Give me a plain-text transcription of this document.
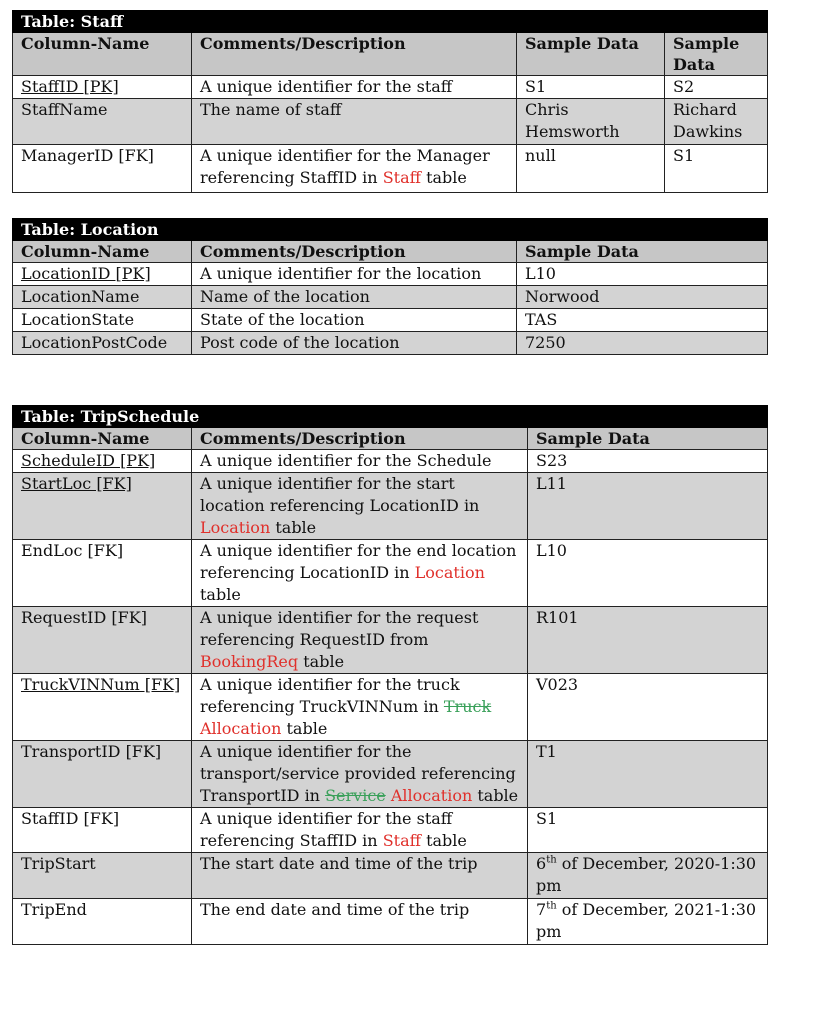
Table: Staff			
Column-Name	Comments/Description	Sample Data	Sample Data
StaffID [PK]	A unique identifier for the staff	S1	S2
StaffName	The name of staff	Chris Hemsworth	Richard Dawkins
ManagerID [FK]	A unique identifier for the Manager referencing StaffID in Staff table	null	S1
Table: Location		
Column-Name	Comments/Description	Sample Data
LocationID [PK]	A unique identifier for the location	L10
LocationName	Name of the location	Norwood
LocationState	State of the location	TAS
LocationPostCode	Post code of the location	7250
Table: TripSchedule		
Column-Name	Comments/Description	Sample Data
ScheduleID [PK]	A unique identifier for the Schedule	S23
StartLoc [FK]	A unique identifier for the start location referencing LocationID in Location table	L11
EndLoc [FK]	A unique identifier for the end location referencing LocationID in Location table	L10
RequestID [FK]	A unique identifier for the request referencing RequestID from BookingReq table	R101
TruckVINNum [FK]	A unique identifier for the truck referencing TruckVINNum in Truck Allocation table	V023
TransportID [FK]	A unique identifier for the transport/service provided referencing TransportID in Service Allocation table	T1
StaffID [FK]	A unique identifier for the staff referencing StaffID in Staff table	S1
TripStart	The start date and time of the trip	6th of December, 2020-1:30 pm
TripEnd	The end date and time of the trip	7th of December, 2021-1:30 pm
